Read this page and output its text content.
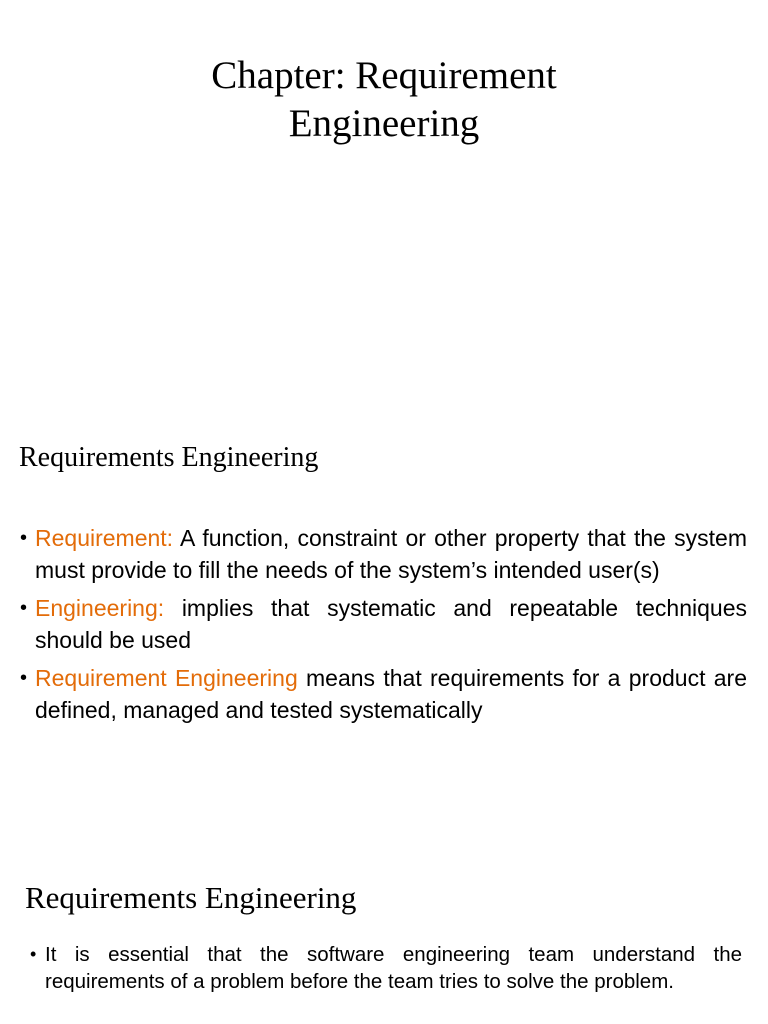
Chapter: Requirement
Engineering
Requirements Engineering
• Requirement: A function, constraint or other property that the system must provide to fill the needs of the system’s intended user(s)
• Engineering: implies that systematic and repeatable techniques should be used
• Requirement Engineering means that requirements for a product are defined, managed and tested systematically
Requirements Engineering
• It is essential that the software engineering team understand the requirements of a problem before the team tries to solve the problem.
